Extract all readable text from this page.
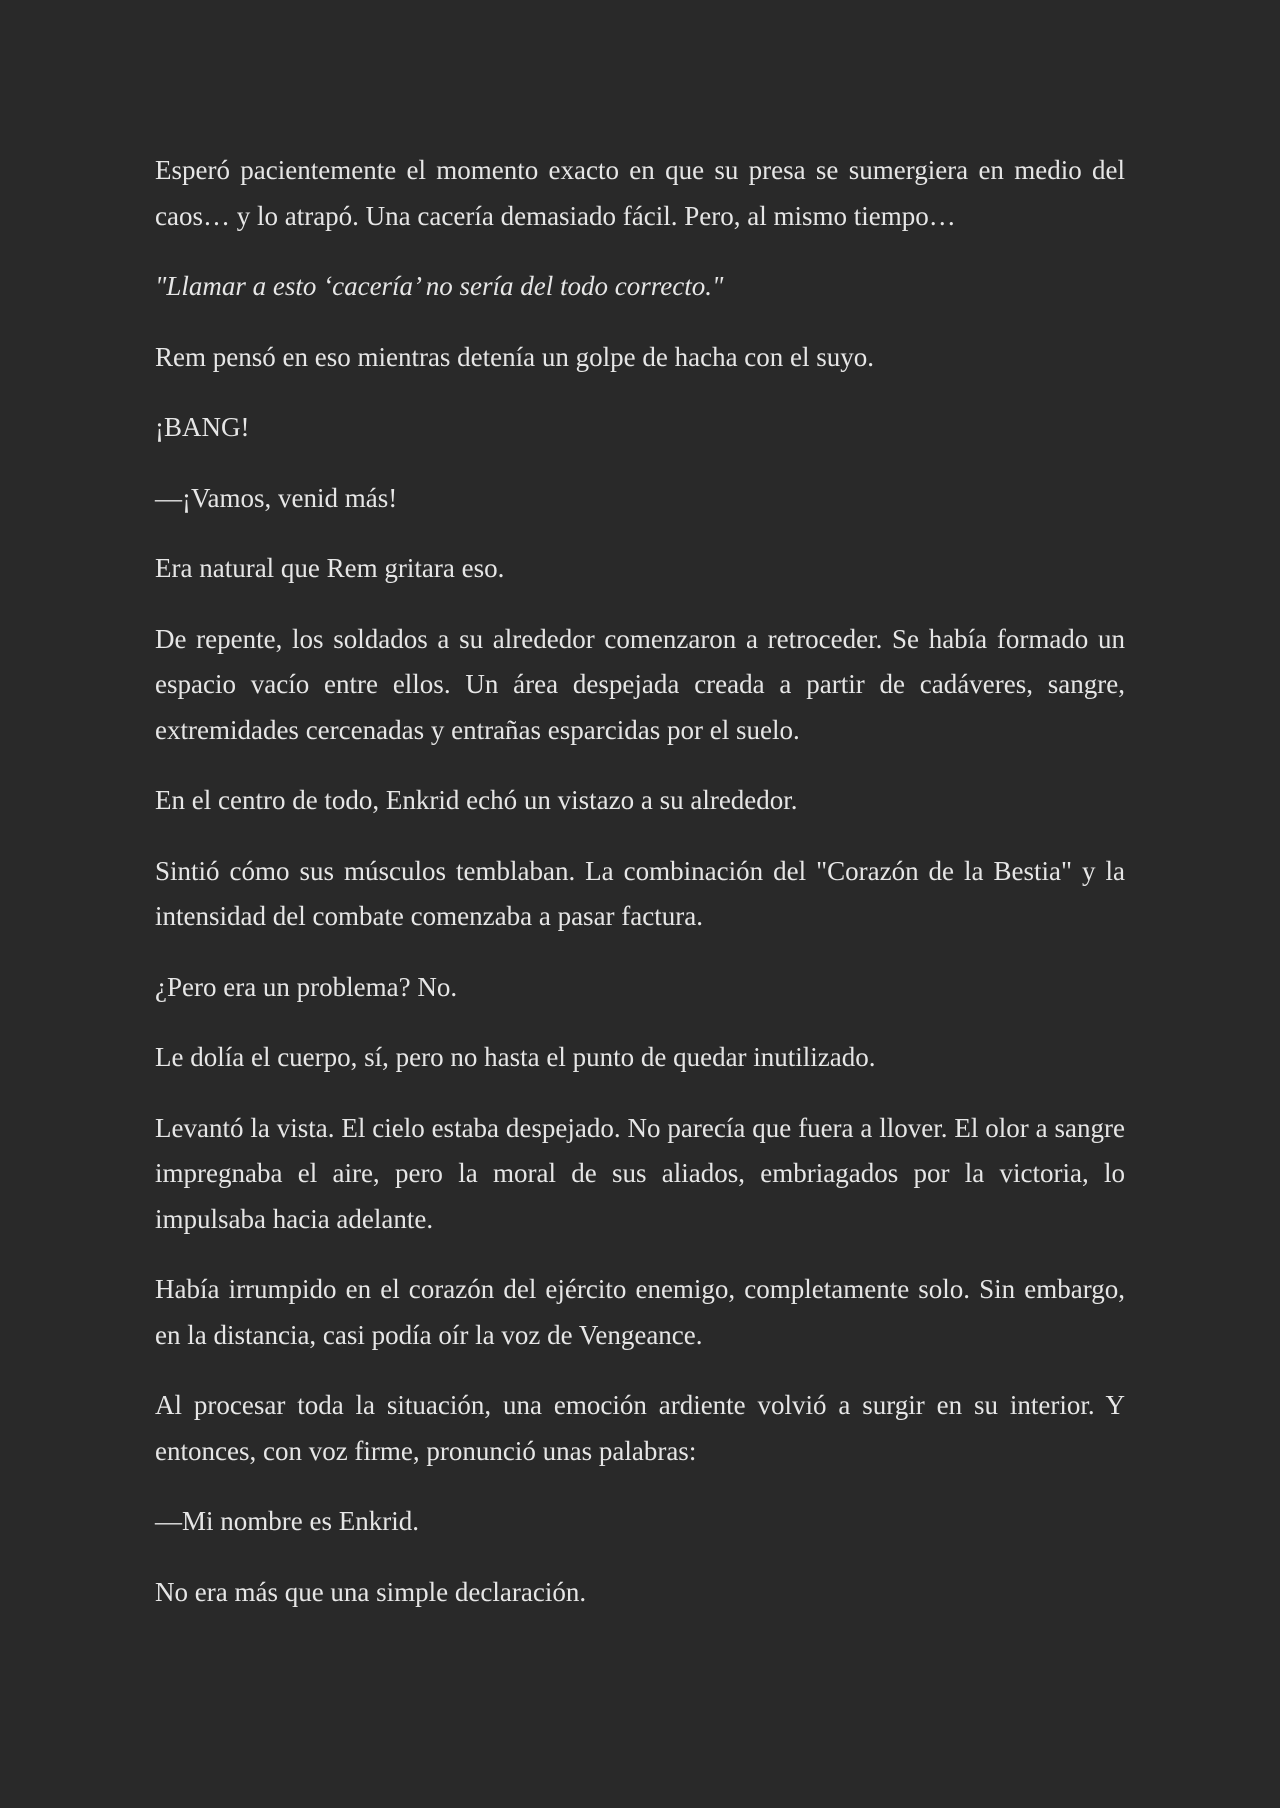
Esperó pacientemente el momento exacto en que su presa se sumergiera en medio del caos… y lo atrapó. Una cacería demasiado fácil. Pero, al mismo tiempo…

"Llamar a esto ‘cacería’ no sería del todo correcto."

Rem pensó en eso mientras detenía un golpe de hacha con el suyo.

¡BANG!

—¡Vamos, venid más!

Era natural que Rem gritara eso.

De repente, los soldados a su alrededor comenzaron a retroceder. Se había formado un espacio vacío entre ellos. Un área despejada creada a partir de cadáveres, sangre, extremidades cercenadas y entrañas esparcidas por el suelo.

En el centro de todo, Enkrid echó un vistazo a su alrededor.

Sintió cómo sus músculos temblaban. La combinación del "Corazón de la Bestia" y la intensidad del combate comenzaba a pasar factura.

¿Pero era un problema? No.

Le dolía el cuerpo, sí, pero no hasta el punto de quedar inutilizado.

Levantó la vista. El cielo estaba despejado. No parecía que fuera a llover. El olor a sangre impregnaba el aire, pero la moral de sus aliados, embriagados por la victoria, lo impulsaba hacia adelante.

Había irrumpido en el corazón del ejército enemigo, completamente solo. Sin embargo, en la distancia, casi podía oír la voz de Vengeance.

Al procesar toda la situación, una emoción ardiente volvió a surgir en su interior. Y entonces, con voz firme, pronunció unas palabras:

—Mi nombre es Enkrid.

No era más que una simple declaración.
